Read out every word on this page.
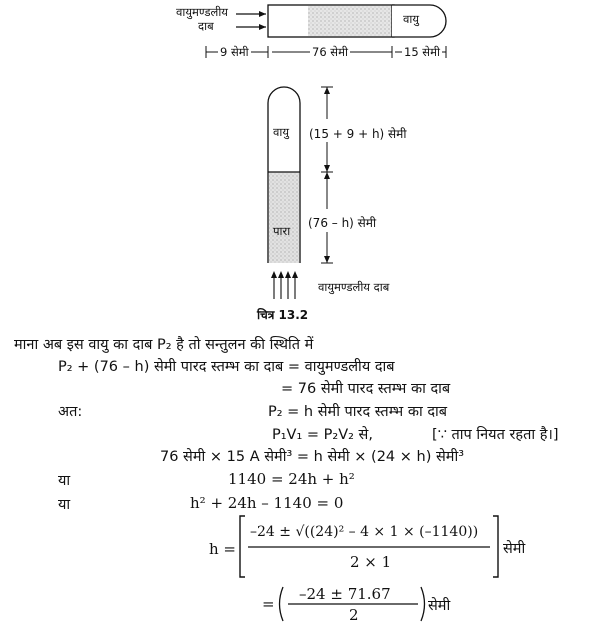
वायुमण्डलीय
दाब	वायु
9 सेमी	76 सेमी	15 सेमी
वायु
पारा
(15 + 9 + h) सेमी
(76 – h) सेमी
वायुमण्डलीय दाब
चित्र 13.2
माना अब इस वायु का दाब P₂ है तो सन्तुलन की स्थिति में
P₂ + (76 – h) सेमी पारद स्तम्भ का दाब = वायुमण्डलीय दाब
= 76 सेमी पारद स्तम्भ का दाब
अत:	P₂ = h सेमी पारद स्तम्भ का दाब
P₁V₁ = P₂V₂ से,	[∵ ताप नियत रहता है।]
76 सेमी × 15 A सेमी³ = h सेमी × (24 × h) सेमी³
या	1140 = 24h + h²
या	h² + 24h – 1140 = 0
h =
–24 ± √((24)² – 4 × 1 × (–1140))
2 × 1
सेमी
=
–24 ± 71.67
2	सेमी
